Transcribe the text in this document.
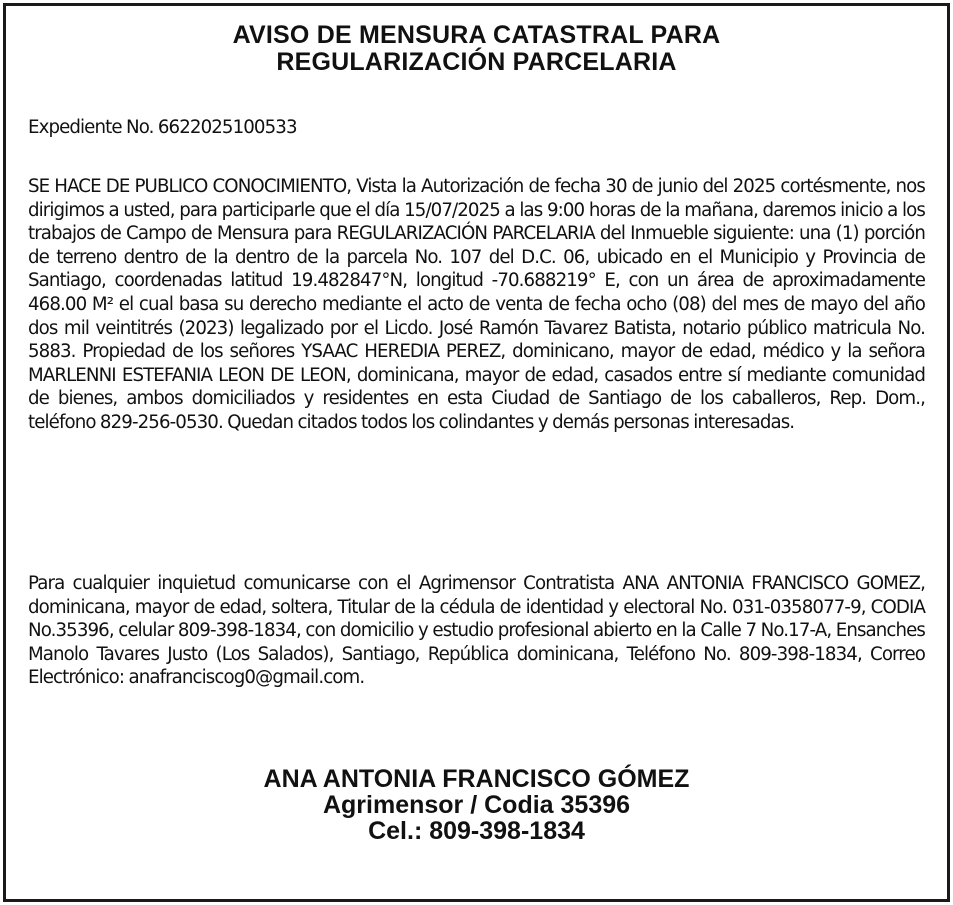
AVISO DE MENSURA CATASTRAL PARA
REGULARIZACIÓN PARCELARIA
Expediente No. 6622025100533
SE HACE DE PUBLICO CONOCIMIENTO, Vista la Autorización de fecha 30 de junio del 2025 cortésmente, nos dirigimos a usted, para participarle que el día 15/07/2025 a las 9:00 horas de la mañana, daremos inicio a los trabajos de Campo de Mensura para REGULARIZACIÓN PARCELARIA del Inmueble siguiente: una (1) porción de terreno dentro de la dentro de la parcela No. 107 del D.C. 06, ubicado en el Municipio y Provincia de Santiago, coordenadas latitud 19.482847°N, longitud -70.688219° E, con un área de aproximadamente 468.00 M² el cual basa su derecho mediante el acto de venta de fecha ocho (08) del mes de mayo del año dos mil veintitrés (2023) legalizado por el Licdo. José Ramón Tavarez Batista, notario público matricula No. 5883. Propiedad de los señores YSAAC HEREDIA PEREZ, dominicano, mayor de edad, médico y la señora MARLENNI ESTEFANIA LEON DE LEON, dominicana, mayor de edad, casados entre sí mediante comunidad de bienes, ambos domiciliados y residentes en esta Ciudad de Santiago de los caballeros, Rep. Dom., teléfono 829-256-0530. Quedan citados todos los colindantes y demás personas interesadas.
Para cualquier inquietud comunicarse con el Agrimensor Contratista ANA ANTONIA FRANCISCO GOMEZ, dominicana, mayor de edad, soltera, Titular de la cédula de identidad y electoral No. 031-0358077-9, CODIA No.35396, celular 809-398-1834, con domicilio y estudio profesional abierto en la Calle 7 No.17-A, Ensanches Manolo Tavares Justo (Los Salados), Santiago, República dominicana, Teléfono No. 809-398-1834, Correo Electrónico: anafranciscog0@gmail.com.
ANA ANTONIA FRANCISCO GÓMEZ
Agrimensor / Codia 35396
Cel.: 809-398-1834
